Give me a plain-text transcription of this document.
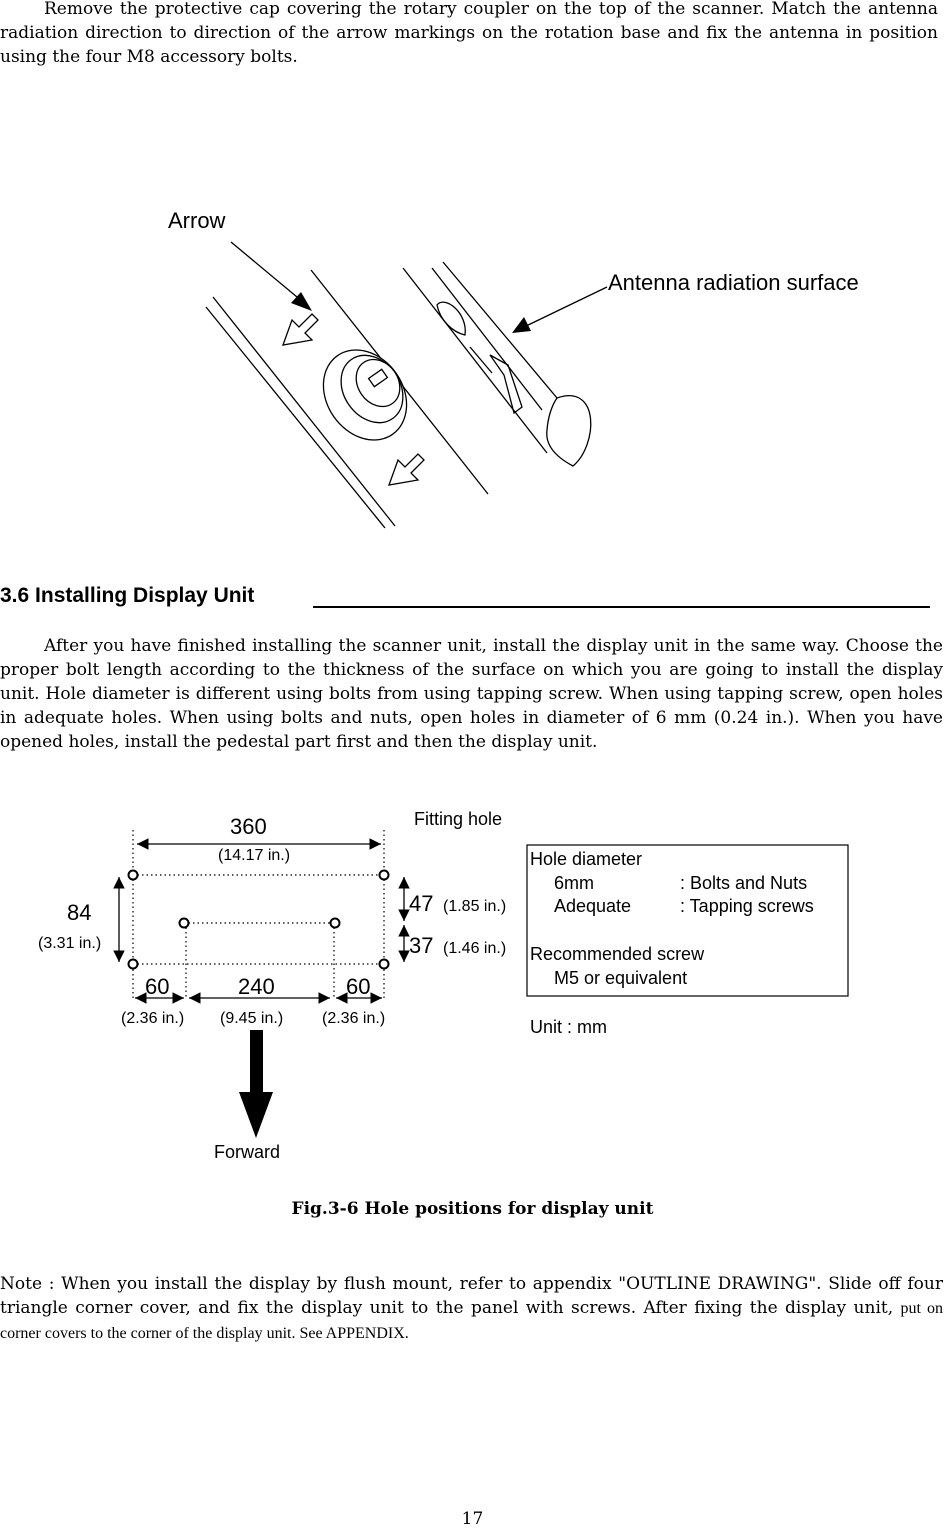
Remove the protective cap covering the rotary coupler on the top of the scanner. Match the antenna radiation direction to direction of the arrow markings on the rotation base and fix the antenna in position using the four M8 accessory bolts.

Arrow
Antenna radiation surface
3.6 Installing Display Unit

After you have finished installing the scanner unit, install the display unit in the same way. Choose the proper bolt length according to the thickness of the surface on which you are going to install the display unit. Hole diameter is different using bolts from using tapping screw. When using tapping screw, open holes in adequate holes. When using bolts and nuts, open holes in diameter of 6 mm (0.24 in.). When you have opened holes, install the pedestal part first and then the display unit.

360
(14.17 in.)
Fitting hole
84
(3.31 in.)
47 (1.85 in.)
37 (1.46 in.)
60
(2.36 in.)
240
(9.45 in.)
60
(2.36 in.)
Forward
Hole diameter
6mm	: Bolts and Nuts
Adequate	: Tapping screws
Recommended screw
M5 or equivalent
Unit : mm
Fig.3-6 Hole positions for display unit

Note : When you install the display by flush mount, refer to appendix "OUTLINE DRAWING". Slide off four triangle corner cover, and fix the display unit to the panel with screws. After fixing the display unit, put on corner covers to the corner of the display unit. See APPENDIX.

17
